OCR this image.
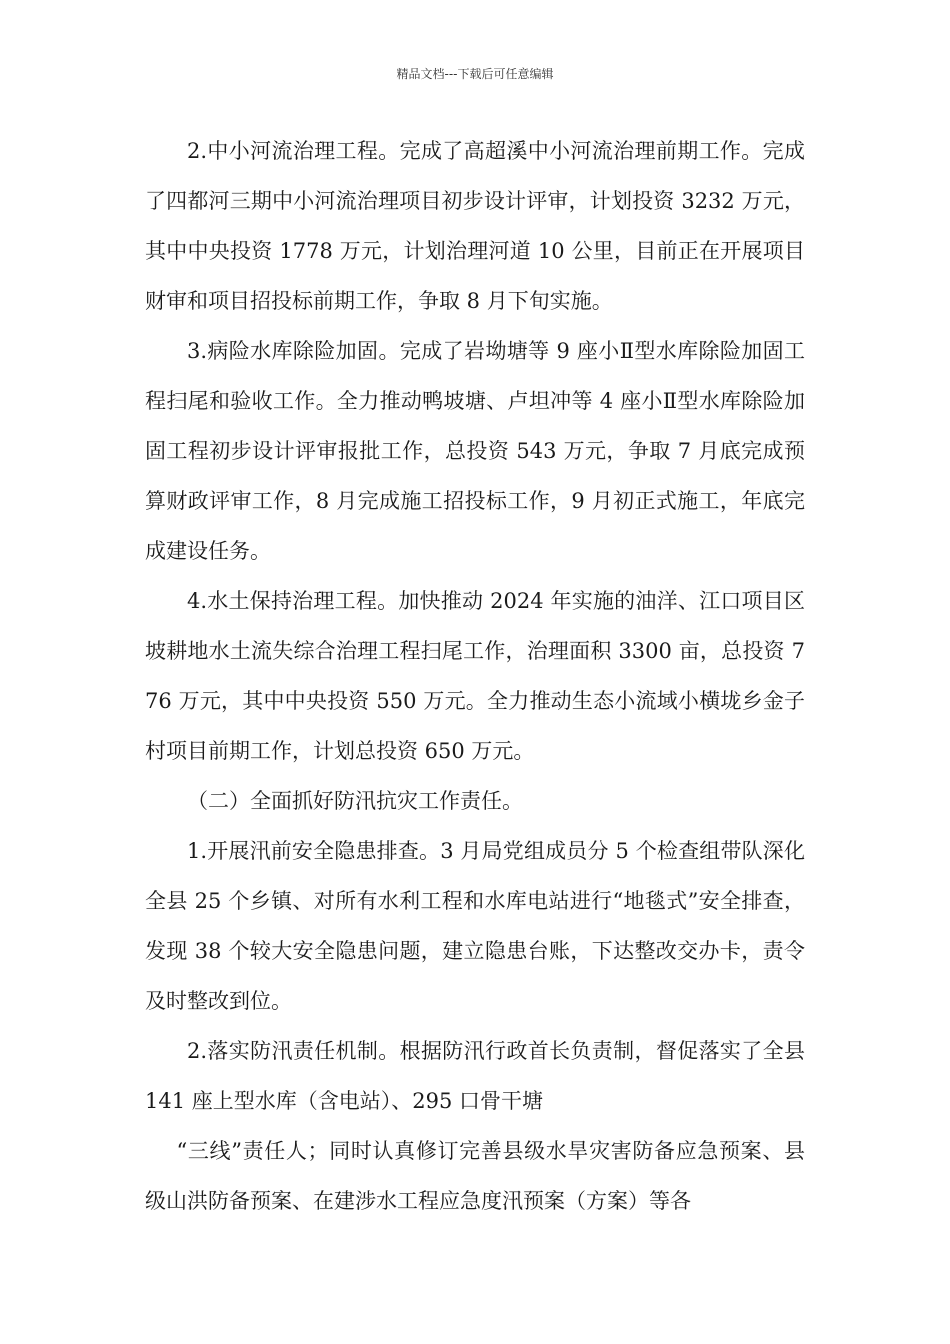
精品文档---下载后可任意编辑

2.中小河流治理工程。完成了高超溪中小河流治理前期工作。完成了四都河三期中小河流治理项目初步设计评审，计划投资 3232 万元，其中中央投资 1778 万元，计划治理河道 10 公里，目前正在开展项目财审和项目招投标前期工作，争取 8 月下旬实施。

3.病险水库除险加固。完成了岩坳塘等 9 座小Ⅱ型水库除险加固工程扫尾和验收工作。全力推动鸭坡塘、卢坦冲等 4 座小Ⅱ型水库除险加固工程初步设计评审报批工作，总投资 543 万元，争取 7 月底完成预算财政评审工作，8 月完成施工招投标工作，9 月初正式施工，年底完成建设任务。

4.水土保持治理工程。加快推动 2024 年实施的油洋、江口项目区坡耕地水土流失综合治理工程扫尾工作，治理面积 3300 亩，总投资 776 万元，其中中央投资 550 万元。全力推动生态小流域小横垅乡金子村项目前期工作，计划总投资 650 万元。

（二）全面抓好防汛抗灾工作责任。

1.开展汛前安全隐患排查。3 月局党组成员分 5 个检查组带队深化全县 25 个乡镇、对所有水利工程和水库电站进行“地毯式”安全排查，发现 38 个较大安全隐患问题，建立隐患台账，下达整改交办卡，责令及时整改到位。

2.落实防汛责任机制。根据防汛行政首长负责制，督促落实了全县 141 座上型水库（含电站）、295 口骨干塘

“三线”责任人；同时认真修订完善县级水旱灾害防备应急预案、县级山洪防备预案、在建涉水工程应急度汛预案（方案）等各
